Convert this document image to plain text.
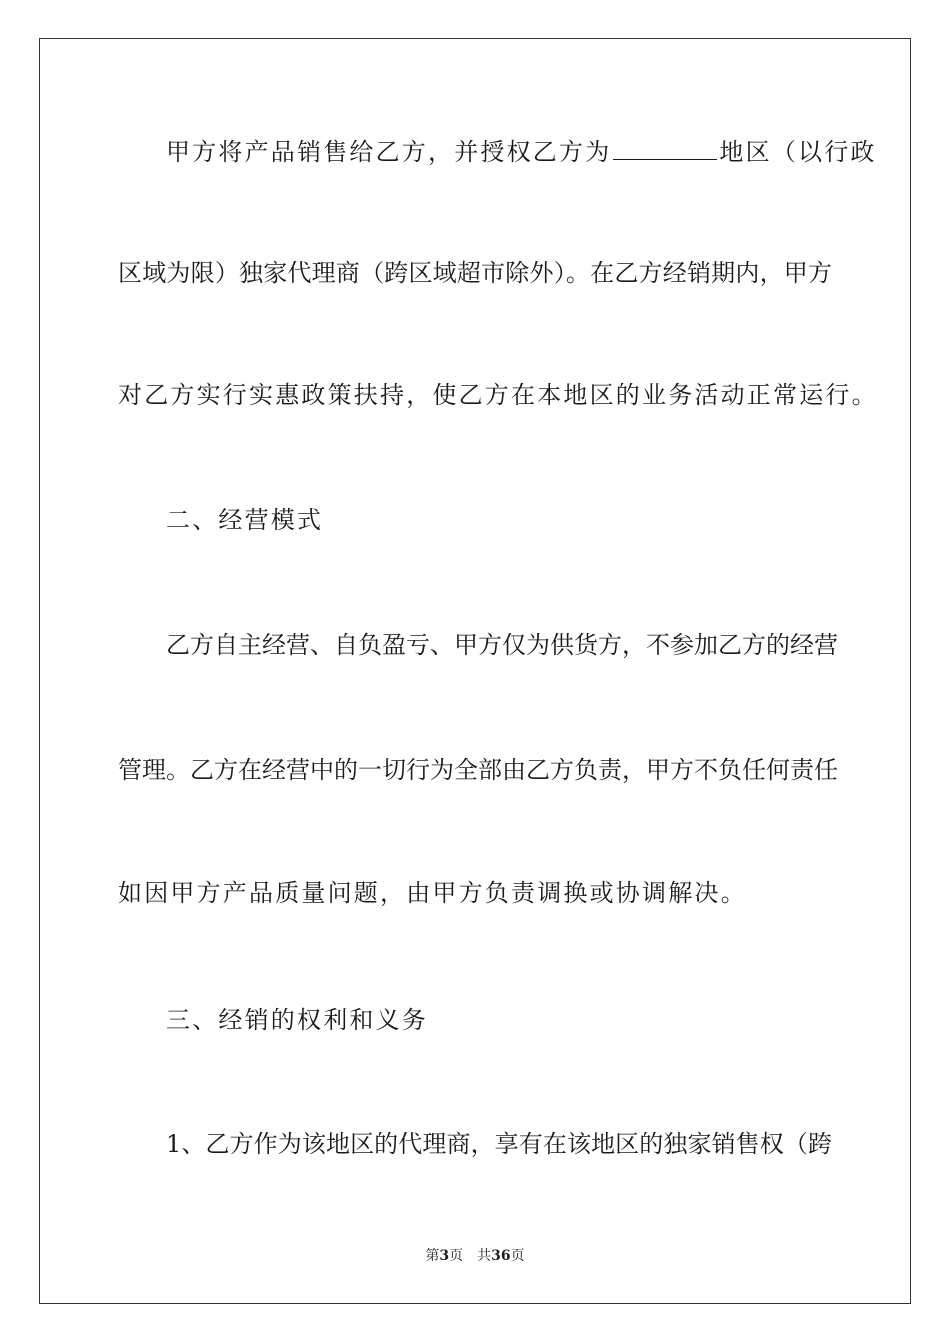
甲方将产品销售给乙方，并授权乙方为	地区（以行政
区域为限）独家代理商（跨区域超市除外）。在乙方经销期内，甲方
对乙方实行实惠政策扶持，使乙方在本地区的业务活动正常运行。
二、经营模式
乙方自主经营、自负盈亏、甲方仅为供货方，不参加乙方的经营
管理。乙方在经营中的一切行为全部由乙方负责，甲方不负任何责任
如因甲方产品质量问题，由甲方负责调换或协调解决。
三、经销的权利和义务
1、乙方作为该地区的代理商，享有在该地区的独家销售权（跨
第3页 共36页
